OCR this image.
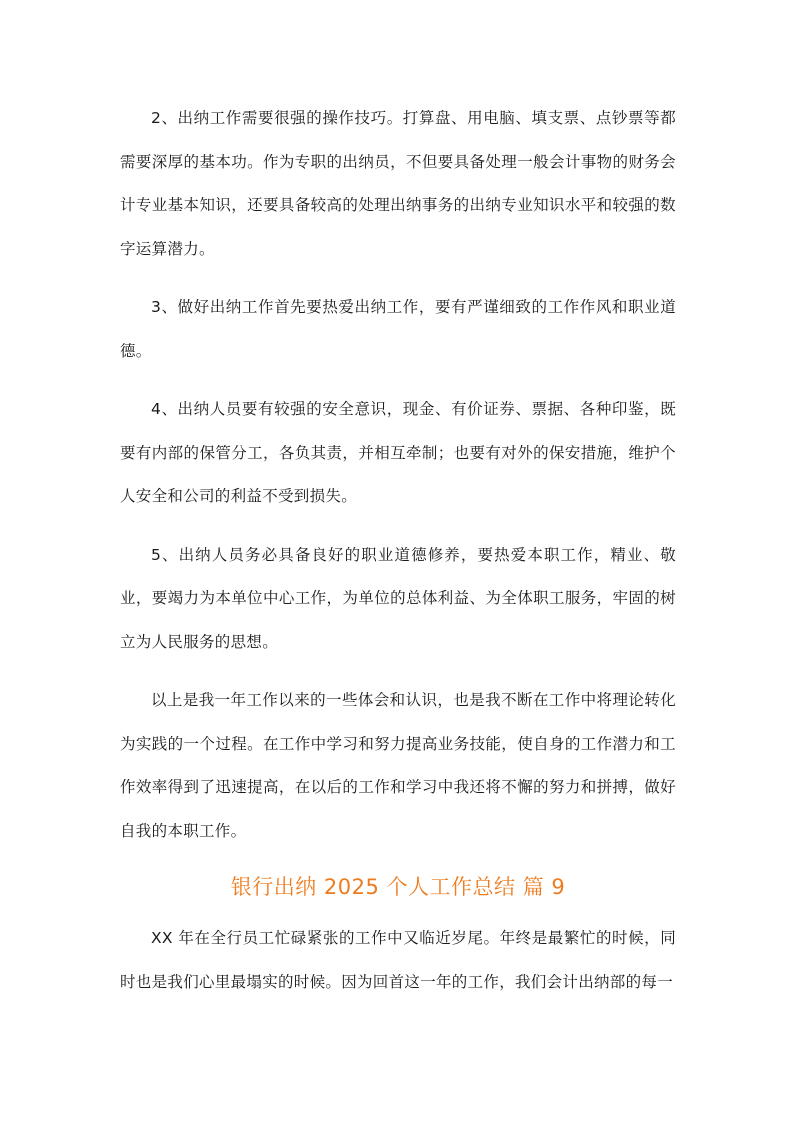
2、出纳工作需要很强的操作技巧。打算盘、用电脑、填支票、点钞票等都需要深厚的基本功。作为专职的出纳员，不但要具备处理一般会计事物的财务会计专业基本知识，还要具备较高的处理出纳事务的出纳专业知识水平和较强的数字运算潜力。

3、做好出纳工作首先要热爱出纳工作，要有严谨细致的工作作风和职业道德。

4、出纳人员要有较强的安全意识，现金、有价证券、票据、各种印鉴，既要有内部的保管分工，各负其责，并相互牵制；也要有对外的保安措施，维护个人安全和公司的利益不受到损失。

5、出纳人员务必具备良好的职业道德修养，要热爱本职工作，精业、敬业，要竭力为本单位中心工作，为单位的总体利益、为全体职工服务，牢固的树立为人民服务的思想。

以上是我一年工作以来的一些体会和认识，也是我不断在工作中将理论转化为实践的一个过程。在工作中学习和努力提高业务技能，使自身的工作潜力和工作效率得到了迅速提高，在以后的工作和学习中我还将不懈的努力和拼搏，做好自我的本职工作。

银行出纳 2025 个人工作总结 篇 9

XX 年在全行员工忙碌紧张的工作中又临近岁尾。年终是最繁忙的时候，同时也是我们心里最塌实的时候。因为回首这一年的工作，我们会计出纳部的每一
